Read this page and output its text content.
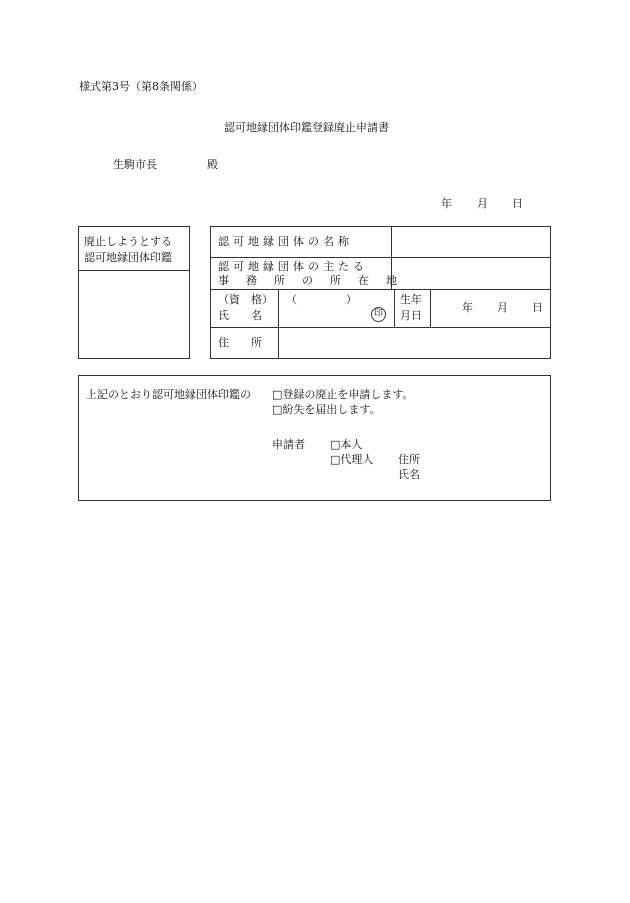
様式第3号（第8条関係）
認可地縁団体印鑑登録廃止申請書
生駒市長	殿
年 月 日
廃止しようとする
認可地縁団体印鑑
認可地縁団体の名称
認可地縁団体の主たる
事務所の所在地
（資　格）
氏　　名
（	）
印
生年
月日
年 月 日
住　　所
上記のとおり認可地縁団体印鑑の □登録の廃止を申請します。
□紛失を届出します。
申請者 □本人
□代理人 住所
氏名
